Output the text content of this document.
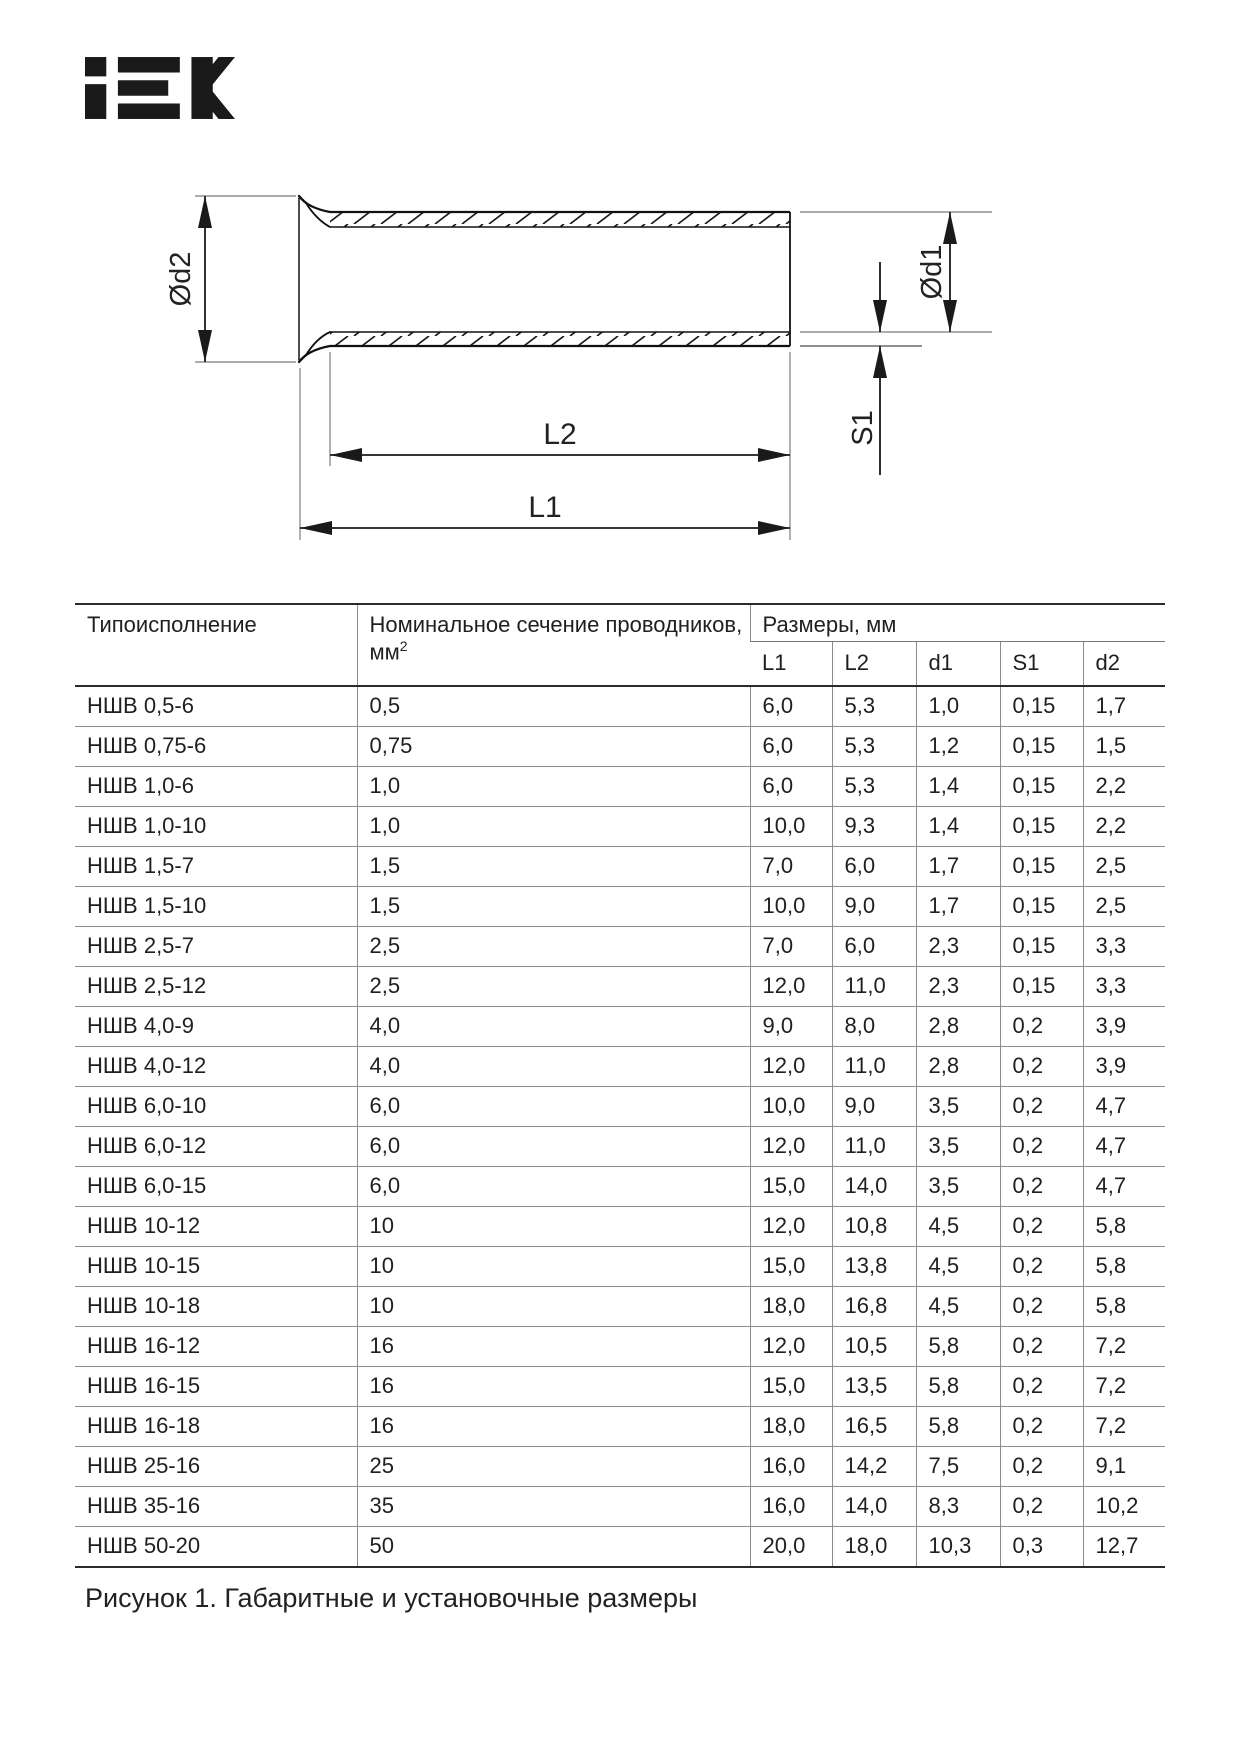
Ød2	Ød1
S1
L2
L1
Типоисполнение	Номинальное сечение проводников, $мм^2$	Размеры, мм				
		L1	L2	d1	S1	d2
НШВ 0,5-6	0,5	6,0	5,3	1,0	0,15	1,7
НШВ 0,75-6	0,75	6,0	5,3	1,2	0,15	1,5
НШВ 1,0-6	1,0	6,0	5,3	1,4	0,15	2,2
НШВ 1,0-10	1,0	10,0	9,3	1,4	0,15	2,2
НШВ 1,5-7	1,5	7,0	6,0	1,7	0,15	2,5
НШВ 1,5-10	1,5	10,0	9,0	1,7	0,15	2,5
НШВ 2,5-7	2,5	7,0	6,0	2,3	0,15	3,3
НШВ 2,5-12	2,5	12,0	11,0	2,3	0,15	3,3
НШВ 4,0-9	4,0	9,0	8,0	2,8	0,2	3,9
НШВ 4,0-12	4,0	12,0	11,0	2,8	0,2	3,9
НШВ 6,0-10	6,0	10,0	9,0	3,5	0,2	4,7
НШВ 6,0-12	6,0	12,0	11,0	3,5	0,2	4,7
НШВ 6,0-15	6,0	15,0	14,0	3,5	0,2	4,7
НШВ 10-12	10	12,0	10,8	4,5	0,2	5,8
НШВ 10-15	10	15,0	13,8	4,5	0,2	5,8
НШВ 10-18	10	18,0	16,8	4,5	0,2	5,8
НШВ 16-12	16	12,0	10,5	5,8	0,2	7,2
НШВ 16-15	16	15,0	13,5	5,8	0,2	7,2
НШВ 16-18	16	18,0	16,5	5,8	0,2	7,2
НШВ 25-16	25	16,0	14,2	7,5	0,2	9,1
НШВ 35-16	35	16,0	14,0	8,3	0,2	10,2
НШВ 50-20	50	20,0	18,0	10,3	0,3	12,7
Рисунок 1. Габаритные и установочные размеры
